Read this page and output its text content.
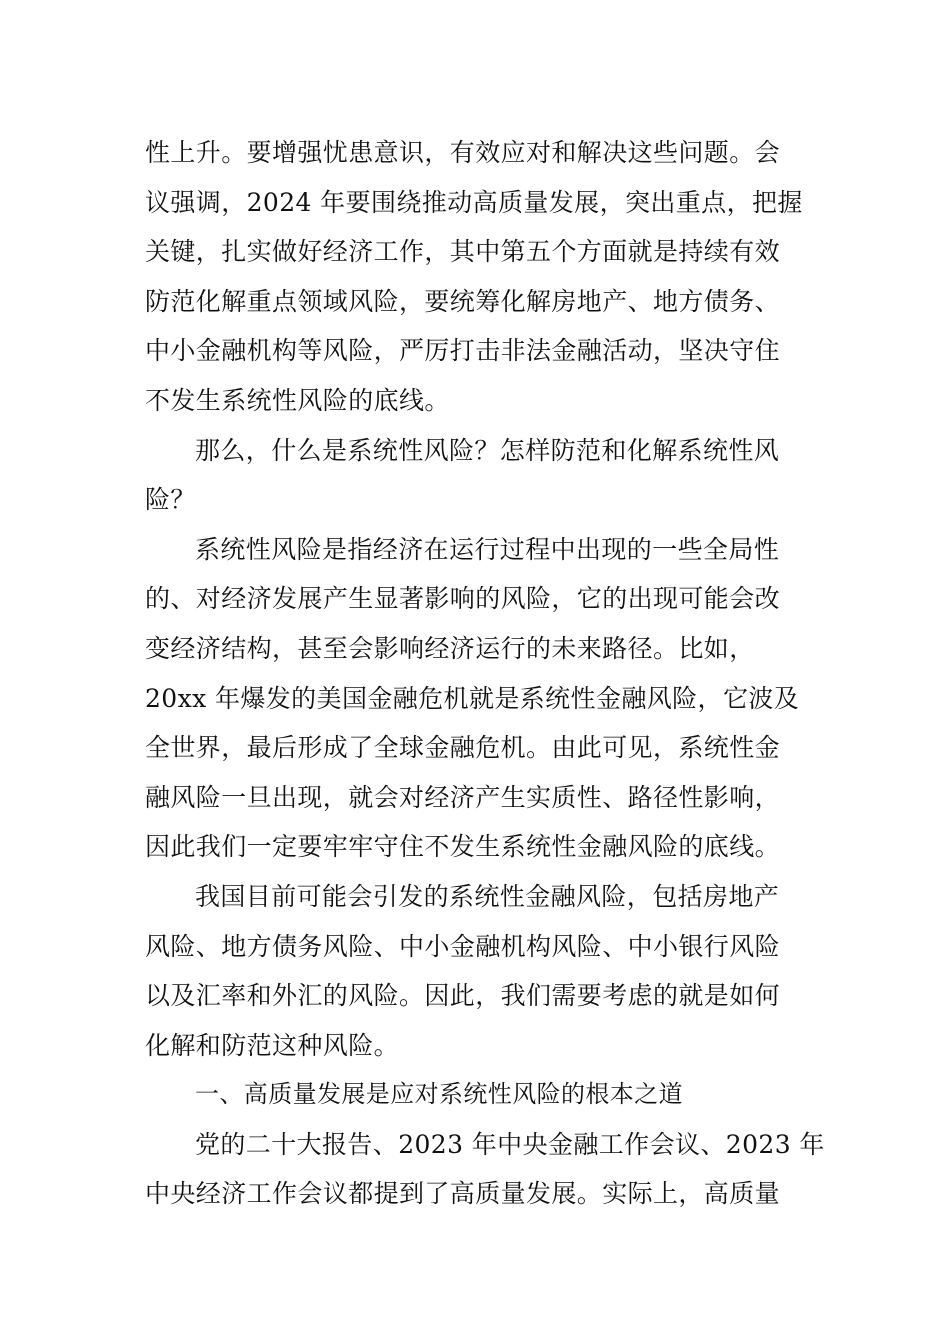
性上升。要增强忧患意识，有效应对和解决这些问题。会
议强调，2024 年要围绕推动高质量发展，突出重点，把握
关键，扎实做好经济工作，其中第五个方面就是持续有效
防范化解重点领域风险，要统筹化解房地产、地方债务、
中小金融机构等风险，严厉打击非法金融活动，坚决守住
不发生系统性风险的底线。
那么，什么是系统性风险？怎样防范和化解系统性风
险？
系统性风险是指经济在运行过程中出现的一些全局性
的、对经济发展产生显著影响的风险，它的出现可能会改
变经济结构，甚至会影响经济运行的未来路径。比如，
20xx 年爆发的美国金融危机就是系统性金融风险，它波及
全世界，最后形成了全球金融危机。由此可见，系统性金
融风险一旦出现，就会对经济产生实质性、路径性影响，
因此我们一定要牢牢守住不发生系统性金融风险的底线。
我国目前可能会引发的系统性金融风险，包括房地产
风险、地方债务风险、中小金融机构风险、中小银行风险
以及汇率和外汇的风险。因此，我们需要考虑的就是如何
化解和防范这种风险。
一、高质量发展是应对系统性风险的根本之道
党的二十大报告、2023 年中央金融工作会议、2023 年
中央经济工作会议都提到了高质量发展。实际上，高质量
